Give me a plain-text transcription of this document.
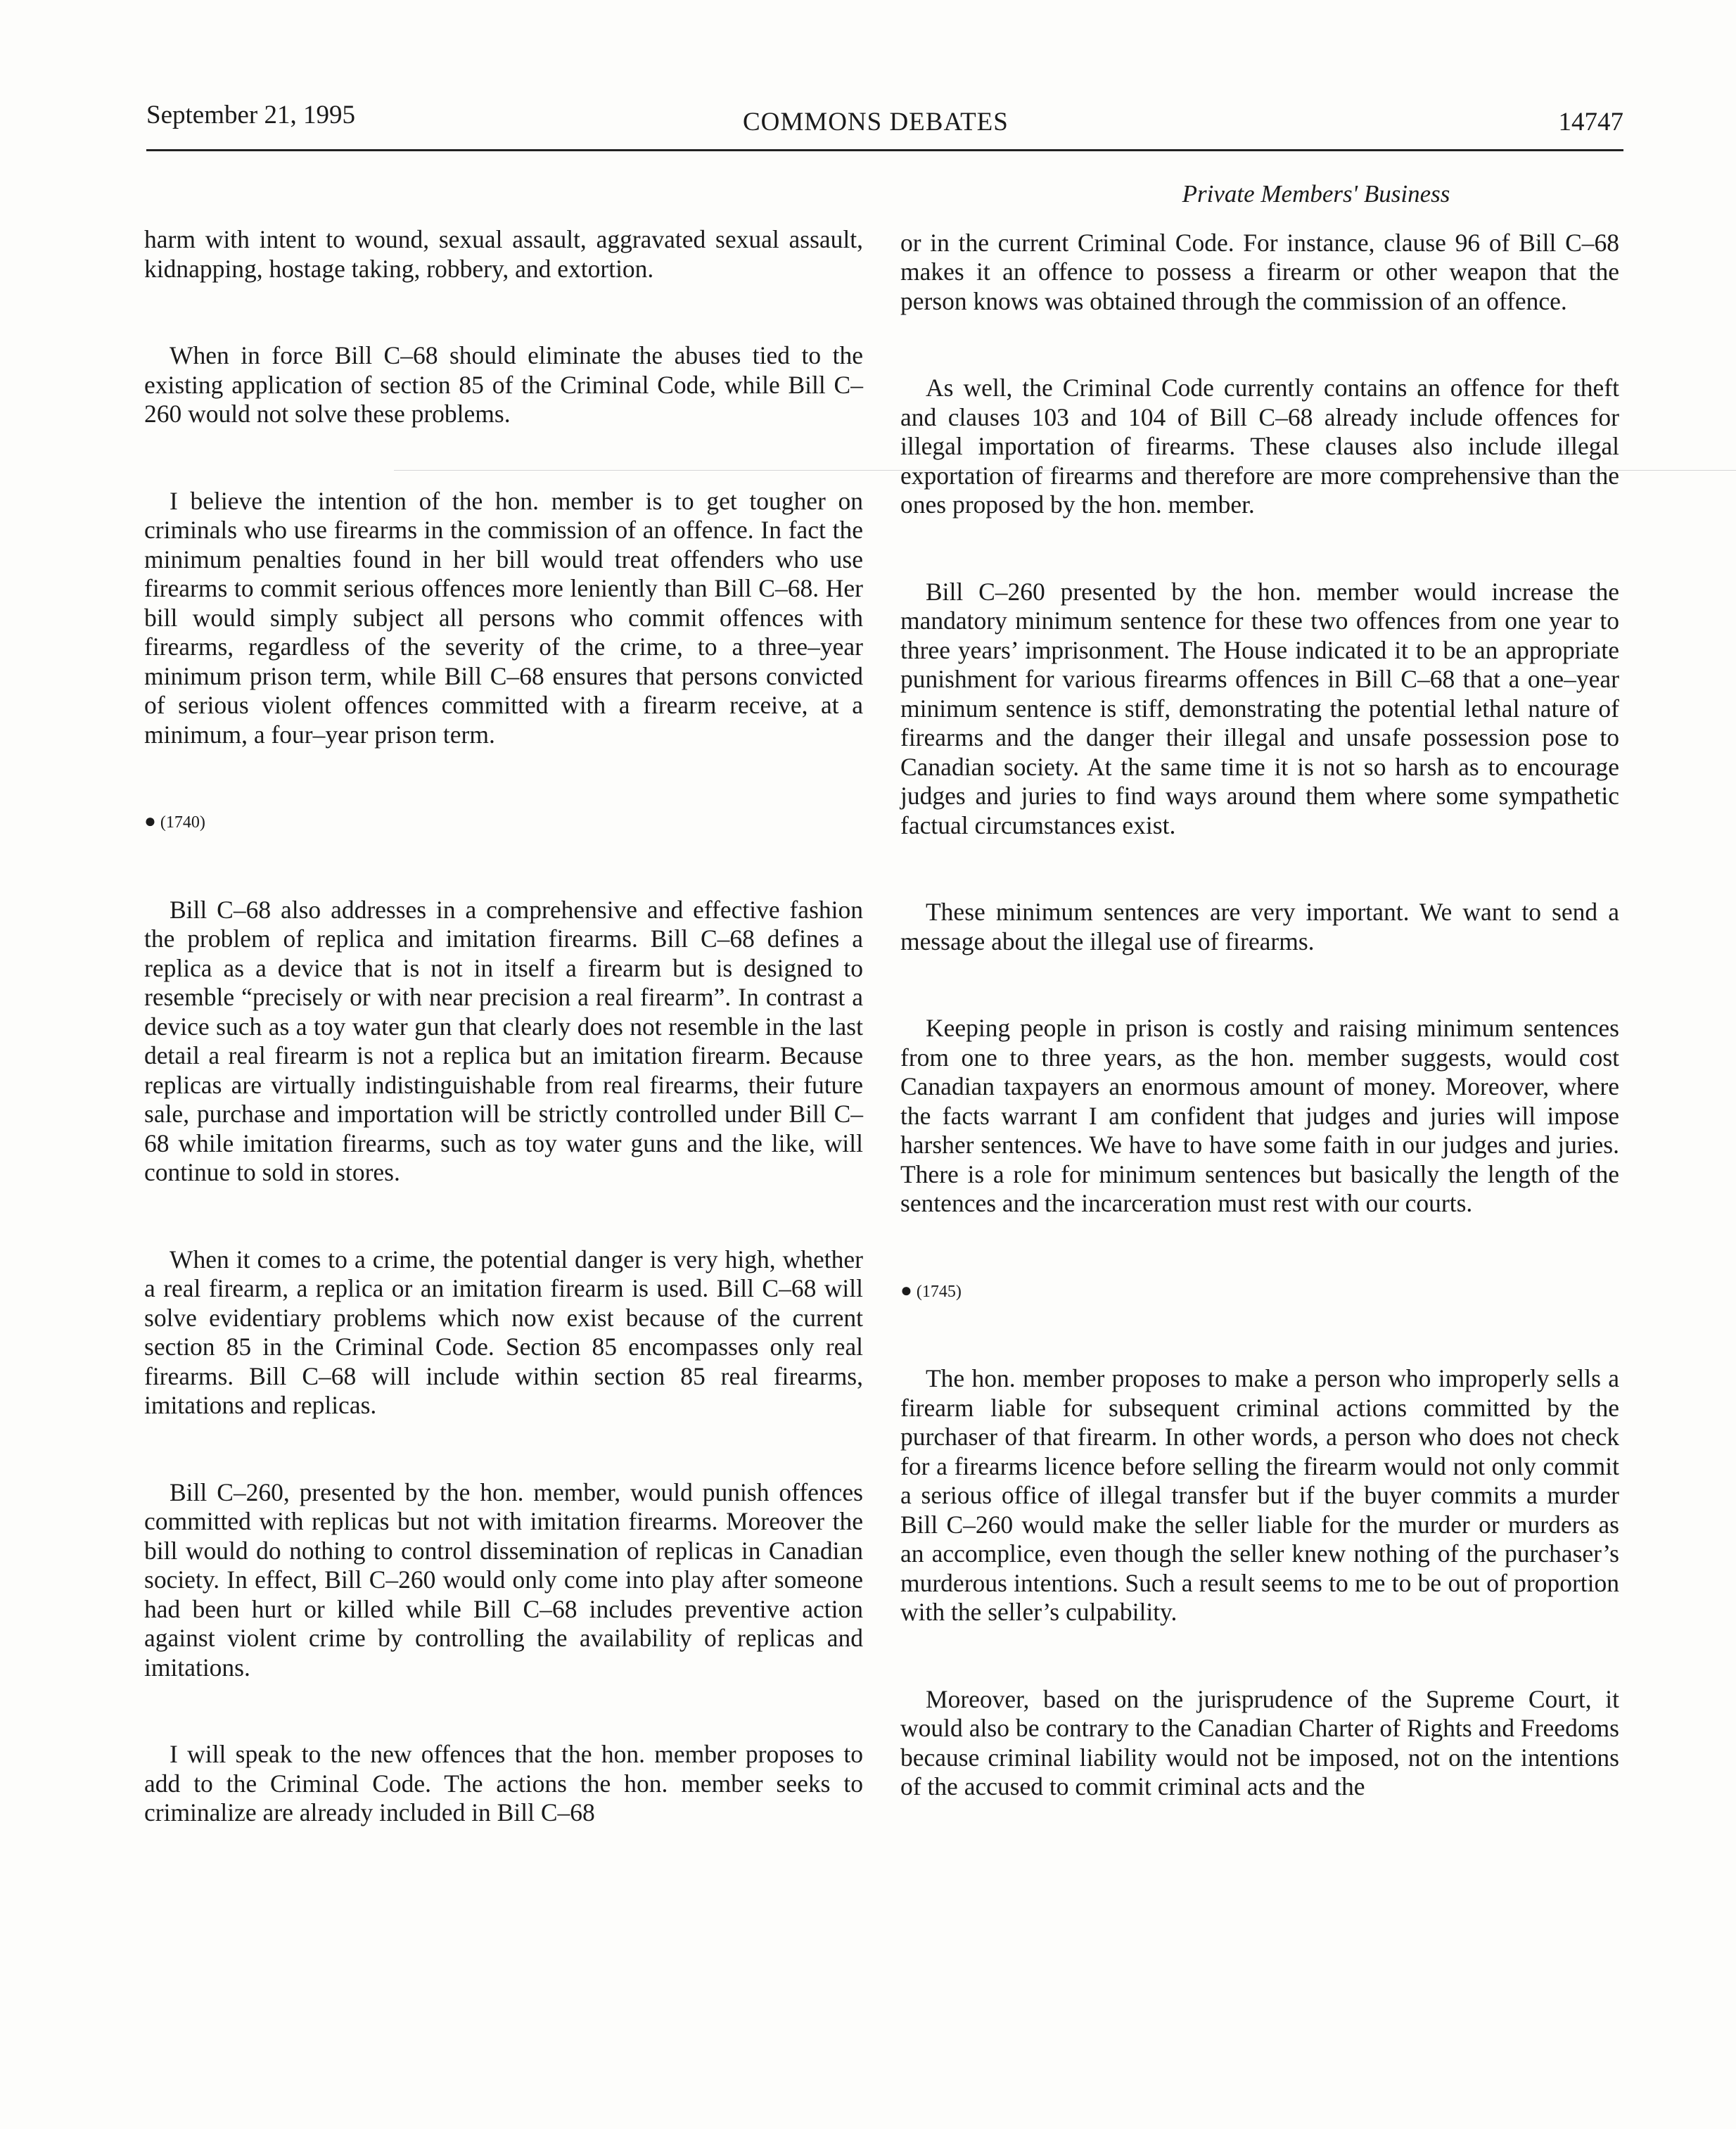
September 21, 1995	COMMONS DEBATES	14747

harm with intent to wound, sexual assault, aggravated sexual assault, kidnapping, hostage taking, robbery, and extortion.

When in force Bill C–68 should eliminate the abuses tied to the existing application of section 85 of the Criminal Code, while Bill C–260 would not solve these problems.

I believe the intention of the hon. member is to get tougher on criminals who use firearms in the commission of an offence. In fact the minimum penalties found in her bill would treat offenders who use firearms to commit serious offences more leniently than Bill C–68. Her bill would simply subject all persons who commit offences with firearms, regardless of the severity of the crime, to a three–year minimum prison term, while Bill C–68 ensures that persons convicted of serious violent offences committed with a firearm receive, at a minimum, a four–year prison term.

● (1740)

Bill C–68 also addresses in a comprehensive and effective fashion the problem of replica and imitation firearms. Bill C–68 defines a replica as a device that is not in itself a firearm but is designed to resemble “precisely or with near precision a real firearm”. In contrast a device such as a toy water gun that clearly does not resemble in the last detail a real firearm is not a replica but an imitation firearm. Because replicas are virtually indistinguishable from real firearms, their future sale, purchase and importation will be strictly controlled under Bill C–68 while imitation firearms, such as toy water guns and the like, will continue to sold in stores.

When it comes to a crime, the potential danger is very high, whether a real firearm, a replica or an imitation firearm is used. Bill C–68 will solve evidentiary problems which now exist because of the current section 85 in the Criminal Code. Section 85 encompasses only real firearms. Bill C–68 will include within section 85 real firearms, imitations and replicas.

Bill C–260, presented by the hon. member, would punish offences committed with replicas but not with imitation firearms. Moreover the bill would do nothing to control dissemination of replicas in Canadian society. In effect, Bill C–260 would only come into play after someone had been hurt or killed while Bill C–68 includes preventive action against violent crime by controlling the availability of replicas and imitations.

I will speak to the new offences that the hon. member proposes to add to the Criminal Code. The actions the hon. member seeks to criminalize are already included in Bill C–68

Private Members' Business

or in the current Criminal Code. For instance, clause 96 of Bill C–68 makes it an offence to possess a firearm or other weapon that the person knows was obtained through the commission of an offence.

As well, the Criminal Code currently contains an offence for theft and clauses 103 and 104 of Bill C–68 already include offences for illegal importation of firearms. These clauses also include illegal exportation of firearms and therefore are more comprehensive than the ones proposed by the hon. member.

Bill C–260 presented by the hon. member would increase the mandatory minimum sentence for these two offences from one year to three years’ imprisonment. The House indicated it to be an appropriate punishment for various firearms offences in Bill C–68 that a one–year minimum sentence is stiff, demonstrating the potential lethal nature of firearms and the danger their illegal and unsafe possession pose to Canadian society. At the same time it is not so harsh as to encourage judges and juries to find ways around them where some sympathetic factual circumstances exist.

These minimum sentences are very important. We want to send a message about the illegal use of firearms.

Keeping people in prison is costly and raising minimum sentences from one to three years, as the hon. member suggests, would cost Canadian taxpayers an enormous amount of money. Moreover, where the facts warrant I am confident that judges and juries will impose harsher sentences. We have to have some faith in our judges and juries. There is a role for minimum sentences but basically the length of the sentences and the incarceration must rest with our courts.

● (1745)

The hon. member proposes to make a person who improperly sells a firearm liable for subsequent criminal actions committed by the purchaser of that firearm. In other words, a person who does not check for a firearms licence before selling the firearm would not only commit a serious office of illegal transfer but if the buyer commits a murder Bill C–260 would make the seller liable for the murder or murders as an accomplice, even though the seller knew nothing of the purchaser’s murderous intentions. Such a result seems to me to be out of proportion with the seller’s culpability.

Moreover, based on the jurisprudence of the Supreme Court, it would also be contrary to the Canadian Charter of Rights and Freedoms because criminal liability would not be imposed, not on the intentions of the accused to commit criminal acts and the
